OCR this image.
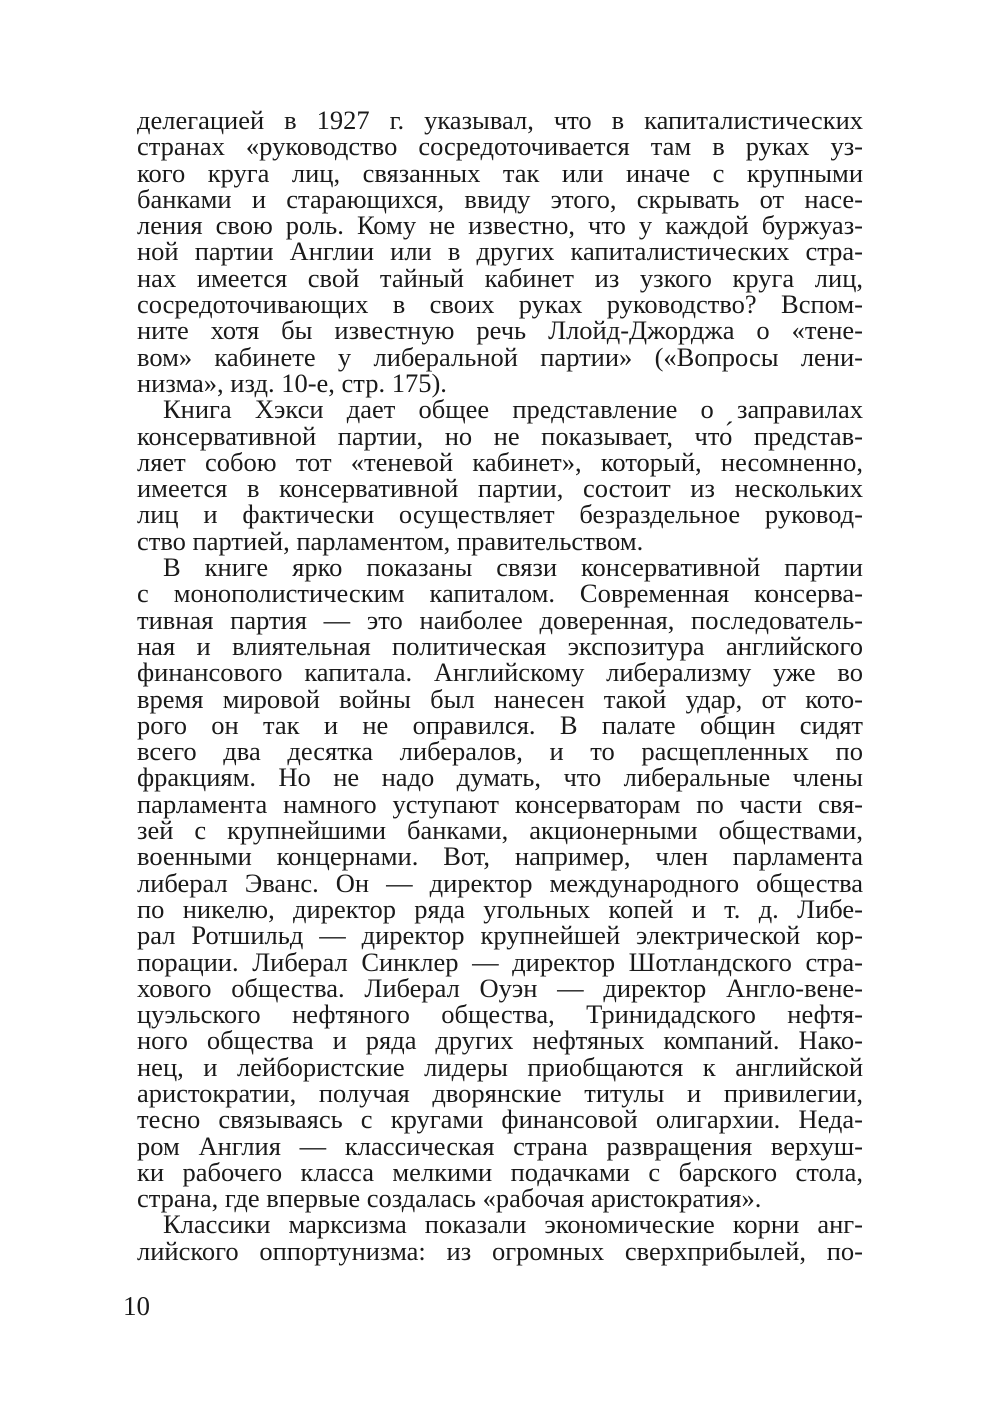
делегацией в 1927 г. указывал, что в капиталистических
странах «руководство сосредоточивается там в руках уз-
кого круга лиц, связанных так или иначе с крупными
банками и старающихся, ввиду этого, скрывать от насе-
ления свою роль. Кому не известно, что у каждой буржуаз-
ной партии Англии или в других капиталистических стра-
нах имеется свой тайный кабинет из узкого круга лиц,
сосредоточивающих в своих руках руководство? Вспом-
ните хотя бы известную речь Ллойд-Джорджа о «тене-
вом» кабинете у либеральной партии» («Вопросы лени-
низма», изд. 10-е, стр. 175).

Книга Хэкси дает общее представление о заправилах
консервативной партии, но не показывает, что́ представ-
ляет собою тот «теневой кабинет», который, несомненно,
имеется в консервативной партии, состоит из нескольких
лиц и фактически осуществляет безраздельное руковод-
ство партией, парламентом, правительством.

В книге ярко показаны связи консервативной партии
с монополистическим капиталом. Современная консерва-
тивная партия — это наиболее доверенная, последователь-
ная и влиятельная политическая экспозитура английского
финансового капитала. Английскому либерализму уже во
время мировой войны был нанесен такой удар, от кото-
рого он так и не оправился. В палате общин сидят
всего два десятка либералов, и то расщепленных по
фракциям. Но не надо думать, что либеральные члены
парламента намного уступают консерваторам по части свя-
зей с крупнейшими банками, акционерными обществами,
военными концернами. Вот, например, член парламента
либерал Эванс. Он — директор международного общества
по никелю, директор ряда угольных копей и т. д. Либе-
рал Ротшильд — директор крупнейшей электрической кор-
порации. Либерал Синклер — директор Шотландского стра-
хового общества. Либерал Оуэн — директор Англо-вене-
цуэльского нефтяного общества, Тринидадского нефтя-
ного общества и ряда других нефтяных компаний. Нако-
нец, и лейбористские лидеры приобщаются к английской
аристократии, получая дворянские титулы и привилегии,
тесно связываясь с кругами финансовой олигархии. Неда-
ром Англия — классическая страна развращения верхуш-
ки рабочего класса мелкими подачками с барского стола,
страна, где впервые создалась «рабочая аристократия».

Классики марксизма показали экономические корни анг-
лийского оппортунизма: из огромных сверхприбылей, по-

10
